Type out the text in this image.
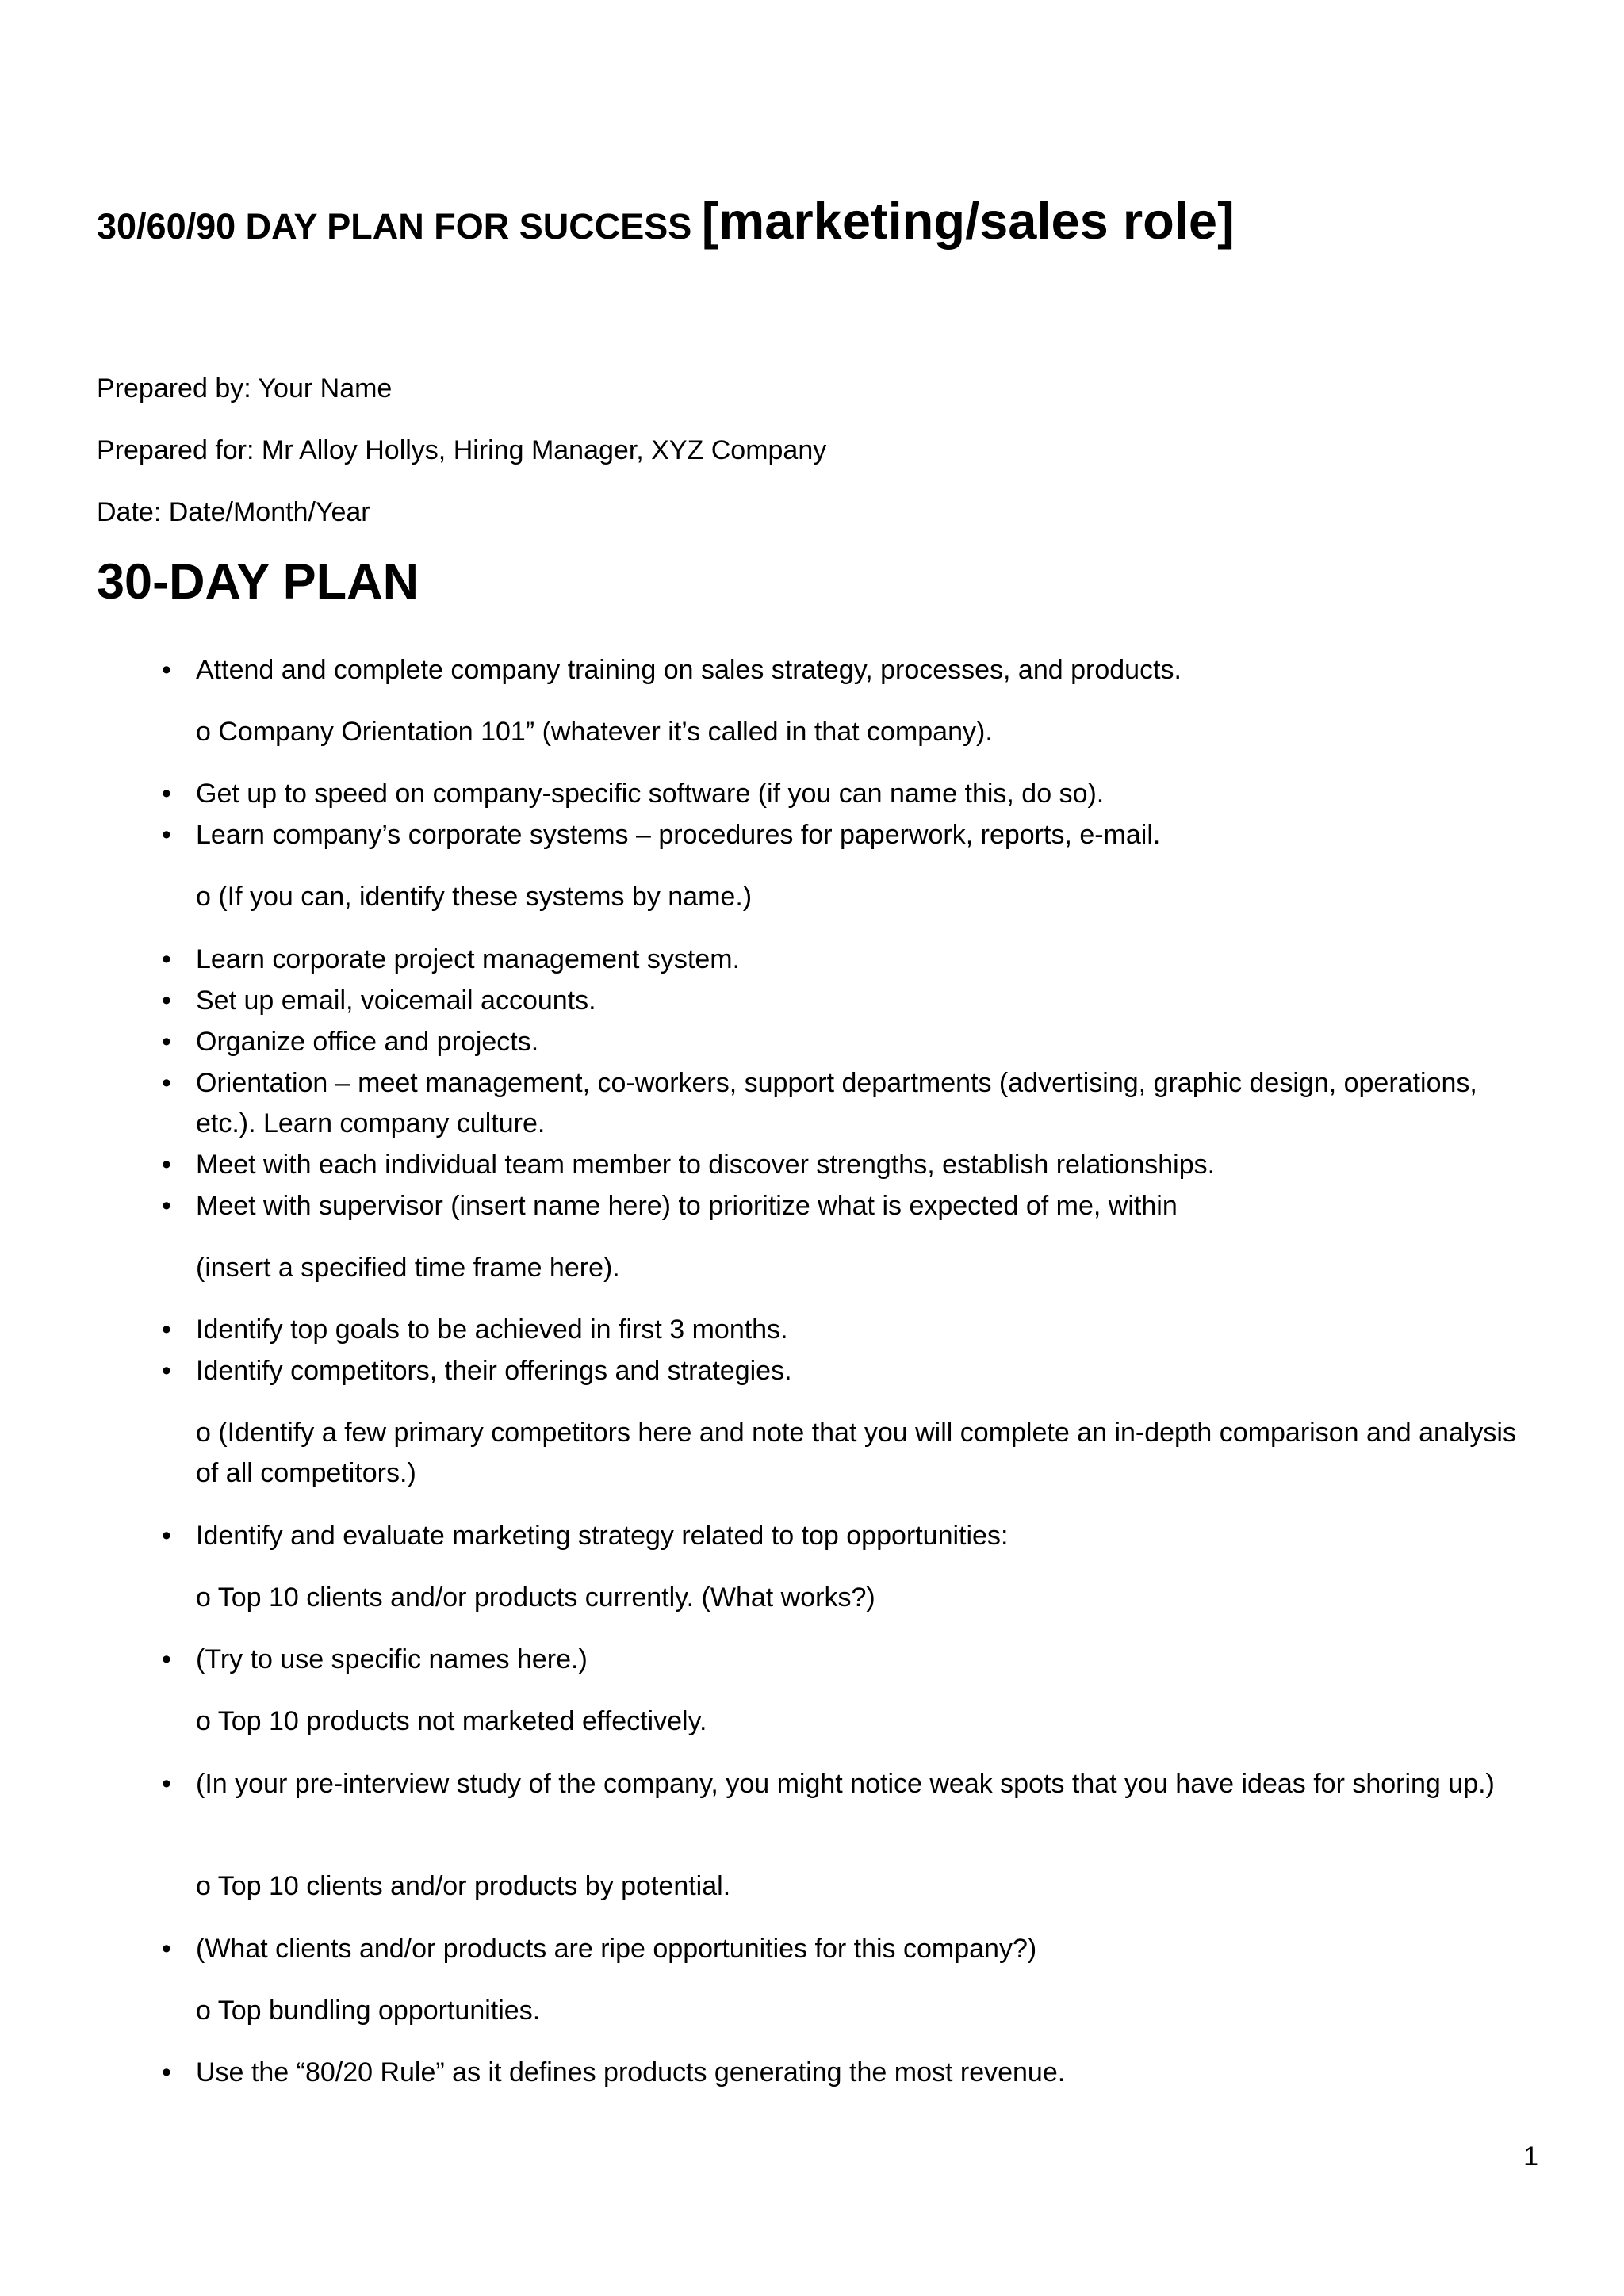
30/60/90 DAY PLAN FOR SUCCESS [marketing/sales role]

Prepared by: Your Name

Prepared for: Mr Alloy Hollys, Hiring Manager, XYZ Company

Date: Date/Month/Year

30-DAY PLAN
• Attend and complete company training on sales strategy, processes, and products.
o Company Orientation 101” (whatever it’s called in that company).
• Get up to speed on company-specific software (if you can name this, do so).
• Learn company’s corporate systems – procedures for paperwork, reports, e-mail.
o (If you can, identify these systems by name.)
• Learn corporate project management system.
• Set up email, voicemail accounts.
• Organize office and projects.
• Orientation – meet management, co-workers, support departments (advertising, graphic design, operations, etc.). Learn company culture.
• Meet with each individual team member to discover strengths, establish relationships.
• Meet with supervisor (insert name here) to prioritize what is expected of me, within
(insert a specified time frame here).
• Identify top goals to be achieved in first 3 months.
• Identify competitors, their offerings and strategies.
o (Identify a few primary competitors here and note that you will complete an in-depth comparison and analysis of all competitors.)
• Identify and evaluate marketing strategy related to top opportunities:
o Top 10 clients and/or products currently. (What works?)
• (Try to use specific names here.)
o Top 10 products not marketed effectively.
• (In your pre-interview study of the company, you might notice weak spots that you have ideas for shoring up.)
o Top 10 clients and/or products by potential.
• (What clients and/or products are ripe opportunities for this company?)
o Top bundling opportunities.
• Use the “80/20 Rule” as it defines products generating the most revenue.
1
